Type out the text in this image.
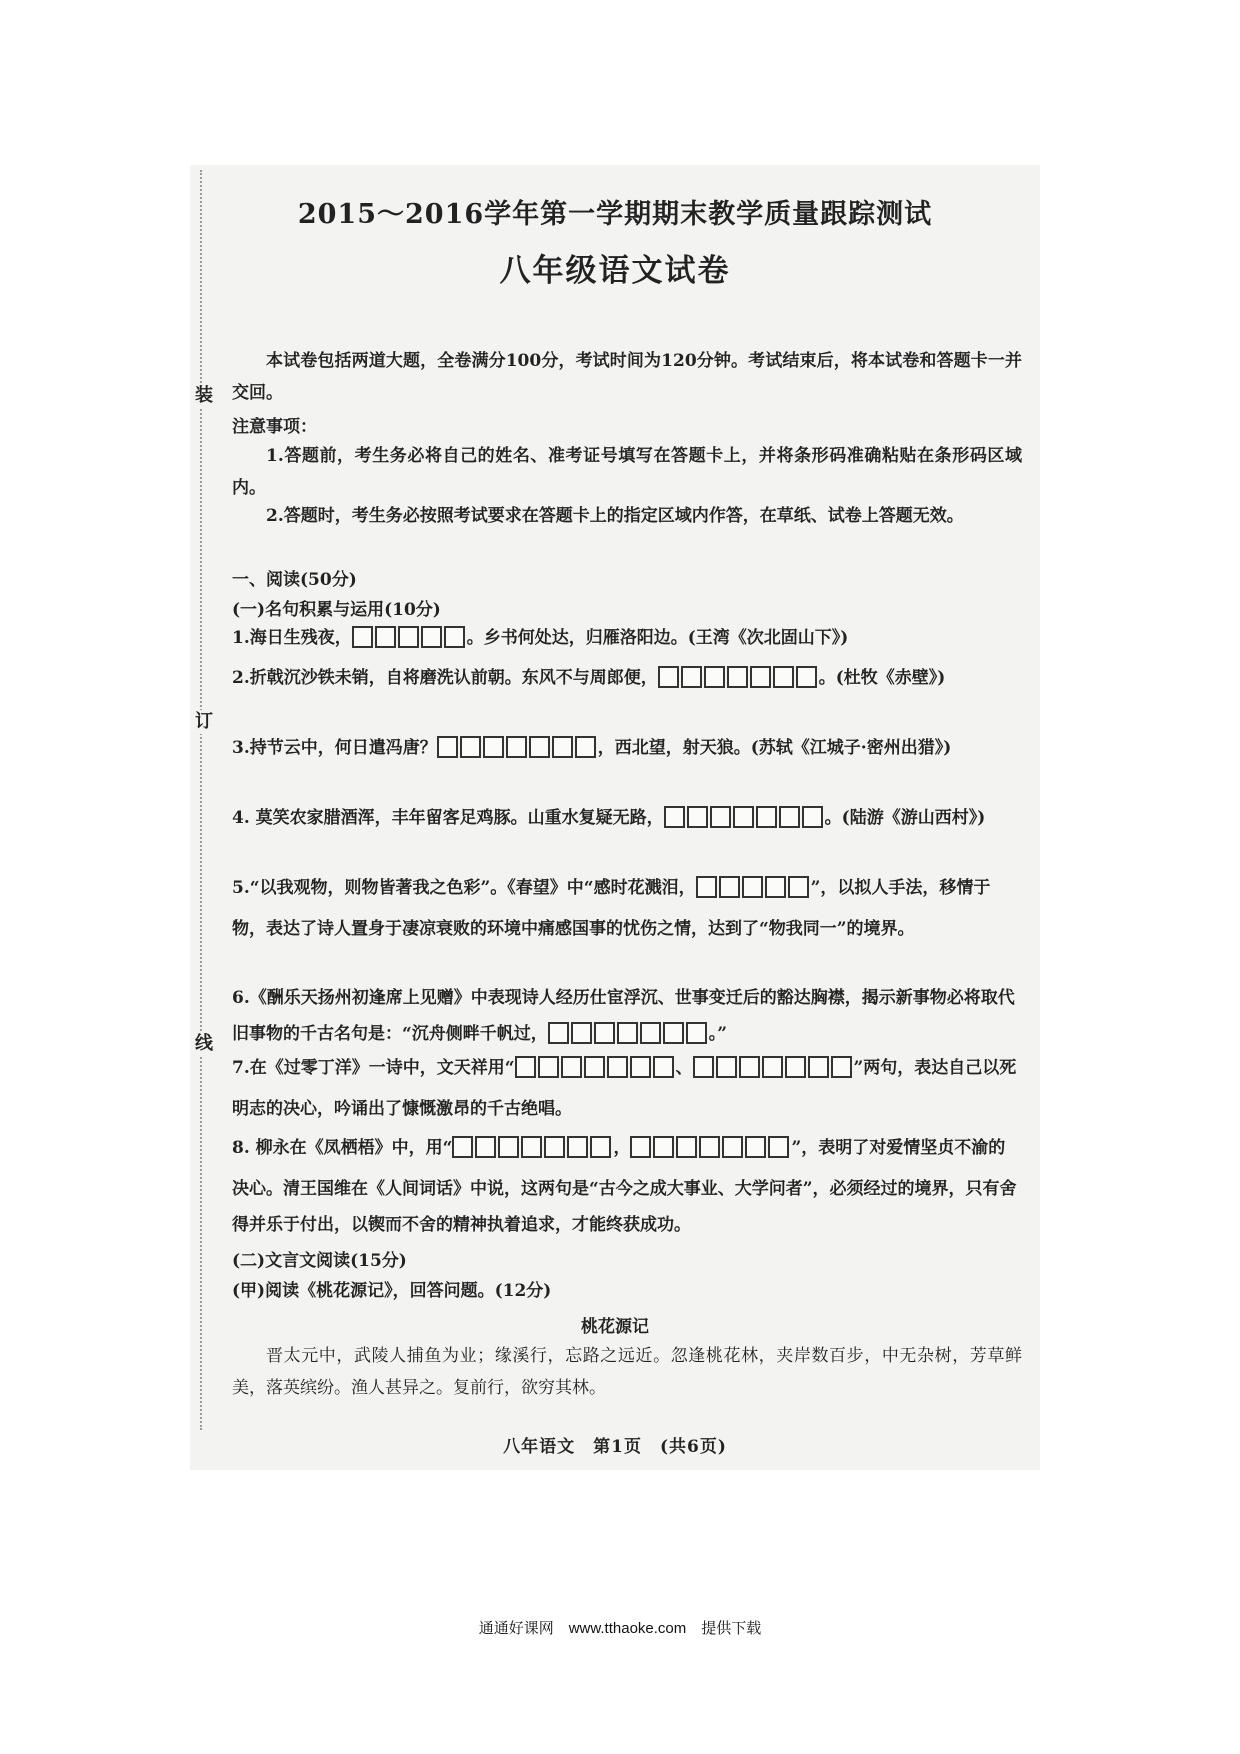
装
订
线
2015～2016学年第一学期期末教学质量跟踪测试
八年级语文试卷
本试卷包括两道大题，全卷满分100分，考试时间为120分钟。考试结束后，将本试卷和答题卡一并交回。
注意事项：
1.答题前，考生务必将自己的姓名、准考证号填写在答题卡上，并将条形码准确粘贴在条形码区域内。
2.答题时，考生务必按照考试要求在答题卡上的指定区域内作答，在草纸、试卷上答题无效。
一、阅读(50分)
(一)名句积累与运用(10分)
1.海日生残夜，	。乡书何处达，归雁洛阳边。(王湾《次北固山下》)
2.折戟沉沙铁未销，自将磨洗认前朝。东风不与周郎便，	。(杜牧《赤壁》)
3.持节云中，何日遣冯唐？	，西北望，射天狼。(苏轼《江城子·密州出猎》)
4. 莫笑农家腊酒浑，丰年留客足鸡豚。山重水复疑无路，	。(陆游《游山西村》)
5.“以我观物，则物皆著我之色彩”。《春望》中“感时花溅泪，	”，以拟人手法，移情于物，表达了诗人置身于凄凉衰败的环境中痛感国事的忧伤之情，达到了“物我同一”的境界。
6.《酬乐天扬州初逢席上见赠》中表现诗人经历仕宦浮沉、世事变迁后的豁达胸襟，揭示新事物必将取代旧事物的千古名句是：“沉舟侧畔千帆过，	。”
7.在《过零丁洋》一诗中，文天祥用“	、	”两句，表达自己以死明志的决心，吟诵出了慷慨激昂的千古绝唱。
8. 柳永在《凤栖梧》中，用“	，	”，表明了对爱情坚贞不渝的决心。清王国维在《人间词话》中说，这两句是“古今之成大事业、大学问者”，必须经过的境界，只有舍得并乐于付出，以锲而不舍的精神执着追求，才能终获成功。
(二)文言文阅读(15分)
(甲)阅读《桃花源记》，回答问题。(12分)
桃花源记
晋太元中，武陵人捕鱼为业；缘溪行，忘路之远近。忽逢桃花林，夹岸数百步，中无杂树，芳草鲜美，落英缤纷。渔人甚异之。复前行，欲穷其林。
八年语文　第1页　(共6页)
通通好课网　www.tthaoke.com　提供下载
